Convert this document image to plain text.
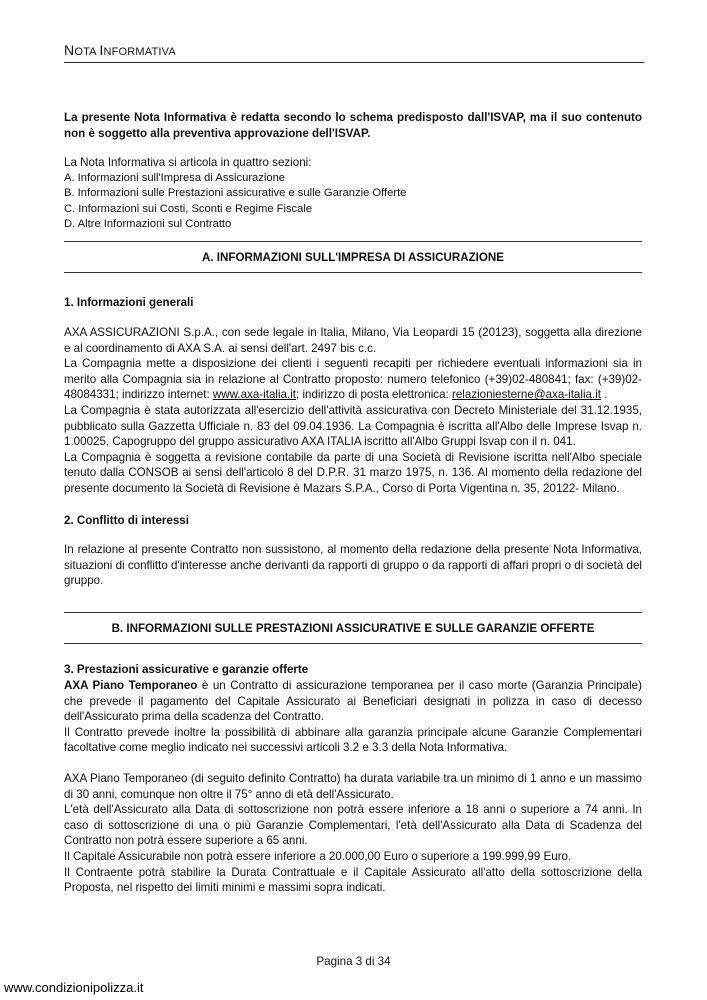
NOTA INFORMATIVA

La presente Nota Informativa è redatta secondo lo schema predisposto dall'ISVAP, ma il suo contenuto non è soggetto alla preventiva approvazione dell'ISVAP.

La Nota Informativa si articola in quattro sezioni:

A. Informazioni sull'Impresa di Assicurazione
B. Informazioni sulle Prestazioni assicurative e sulle Garanzie Offerte
C. Informazioni sui Costi, Sconti e Regime Fiscale
D. Altre Informazioni sul Contratto
A. INFORMAZIONI SULL'IMPRESA DI ASSICURAZIONE

1. Informazioni generali

AXA ASSICURAZIONI S.p.A., con sede legale in Italia, Milano, Via Leopardi 15 (20123), soggetta alla direzione e al coordinamento di AXA S.A. ai sensi dell'art. 2497 bis c.c.

La Compagnia mette a disposizione dei clienti i seguenti recapiti per richiedere eventuali informazioni sia in merito alla Compagnia sia in relazione al Contratto proposto: numero telefonico (+39)02-480841; fax: (+39)02-48084331; indirizzo internet: www.axa-italia.it; indirizzo di posta elettronica: relazioniesterne@axa-italia.it .

La Compagnia è stata autorizzata all'esercizio dell'attività assicurativa con Decreto Ministeriale del 31.12.1935, pubblicato sulla Gazzetta Ufficiale n. 83 del 09.04.1936. La Compagnia è iscritta all'Albo delle Imprese Isvap n. 1.00025, Capogruppo del gruppo assicurativo AXA ITALIA iscritto all'Albo Gruppi Isvap con il n. 041.

La Compagnia è soggetta a revisione contabile da parte di una Società di Revisione iscritta nell'Albo speciale tenuto dalla CONSOB ai sensi dell'articolo 8 del D.P.R. 31 marzo 1975, n. 136. Al momento della redazione del presente documento la Società di Revisione è Mazars S.P.A., Corso di Porta Vigentina n. 35, 20122- Milano.

2. Conflitto di interessi

In relazione al presente Contratto non sussistono, al momento della redazione della presente Nota Informativa, situazioni di conflitto d'interesse anche derivanti da rapporti di gruppo o da rapporti di affari propri o di società del gruppo.

B. INFORMAZIONI SULLE PRESTAZIONI ASSICURATIVE E SULLE GARANZIE OFFERTE

3. Prestazioni assicurative e garanzie offerte

AXA Piano Temporaneo è un Contratto di assicurazione temporanea per il caso morte (Garanzia Principale) che prevede il pagamento del Capitale Assicurato ai Beneficiari designati in polizza in caso di decesso dell'Assicurato prima della scadenza del Contratto.

Il Contratto prevede inoltre la possibilità di abbinare alla garanzia principale alcune Garanzie Complementari facoltative come meglio indicato nei successivi articoli 3.2 e 3.3 della Nota Informativa.

AXA Piano Temporaneo (di seguito definito Contratto) ha durata variabile tra un minimo di 1 anno e un massimo di 30 anni, comunque non oltre il 75° anno di età dell'Assicurato.

L'età dell'Assicurato alla Data di sottoscrizione non potrà essere inferiore a 18 anni o superiore a 74 anni. In caso di sottoscrizione di una o più Garanzie Complementari, l'età dell'Assicurato alla Data di Scadenza del Contratto non potrà essere superiore a 65 anni.

Il Capitale Assicurabile non potrà essere inferiore a 20.000,00 Euro o superiore a 199.999,99 Euro.

Il Contraente potrà stabilire la Durata Contrattuale e il Capitale Assicurato all'atto della sottoscrizione della Proposta, nel rispetto dei limiti minimi e massimi sopra indicati.

Pagina 3 di 34
www.condizionipolizza.it
